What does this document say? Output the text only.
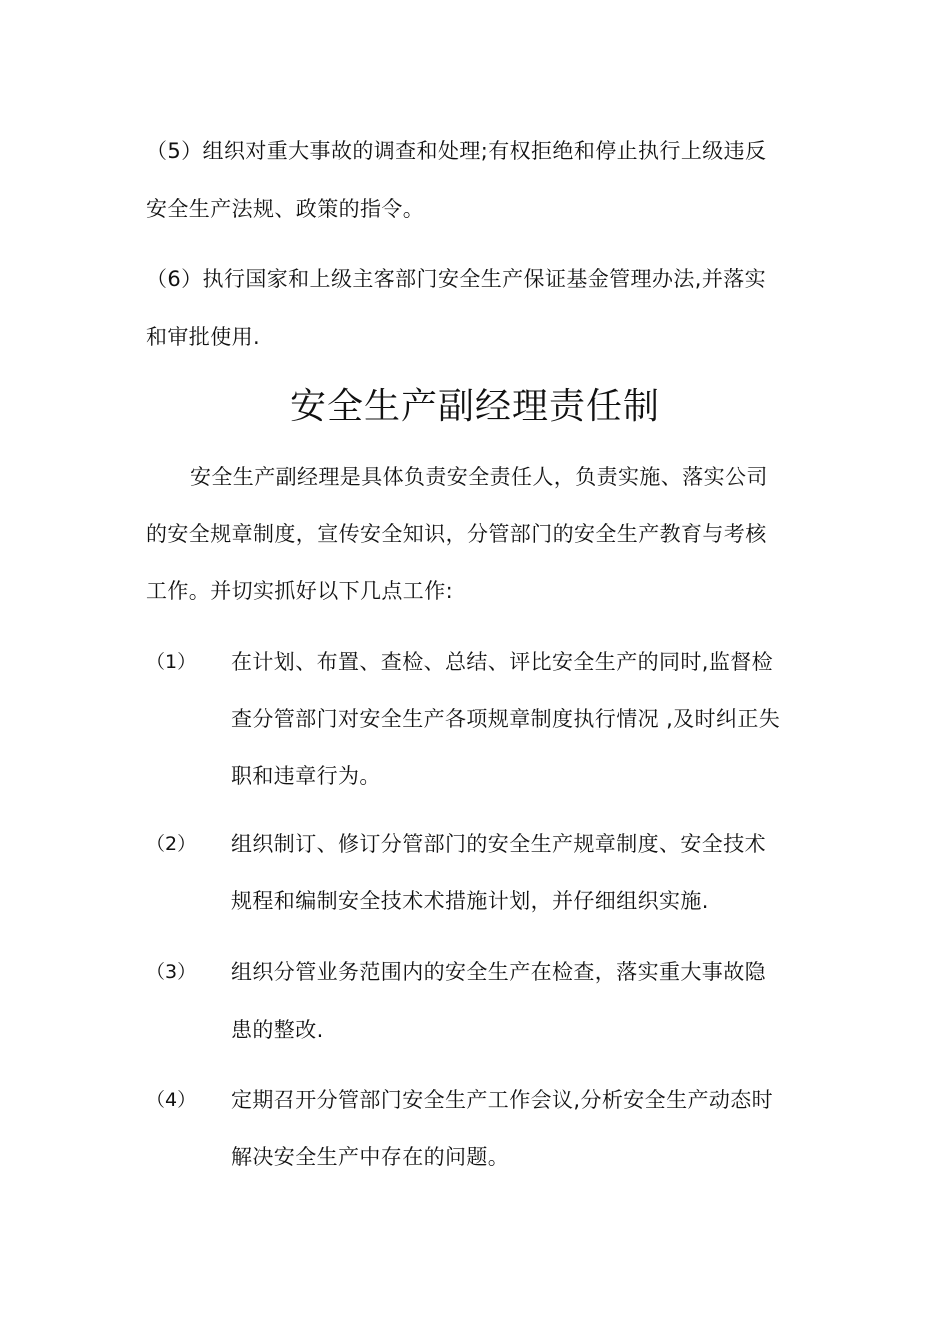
（5）组织对重大事故的调查和处理;有权拒绝和停止执行上级违反
安全生产法规、政策的指令。
（6）执行国家和上级主客部门安全生产保证基金管理办法,并落实
和审批使用.
安全生产副经理责任制
安全生产副经理是具体负责安全责任人，负责实施、落实公司
的安全规章制度，宣传安全知识，分管部门的安全生产教育与考核
工作。并切实抓好以下几点工作:
（1） 在计划、布置、查检、总结、评比安全生产的同时,监督检
查分管部门对安全生产各项规章制度执行情况 ,及时纠正失
职和违章行为。
（2） 组织制订、修订分管部门的安全生产规章制度、安全技术
规程和编制安全技术术措施计划，并仔细组织实施.
（3） 组织分管业务范围内的安全生产在检查，落实重大事故隐
患的整改.
（4） 定期召开分管部门安全生产工作会议,分析安全生产动态时
解决安全生产中存在的问题。
